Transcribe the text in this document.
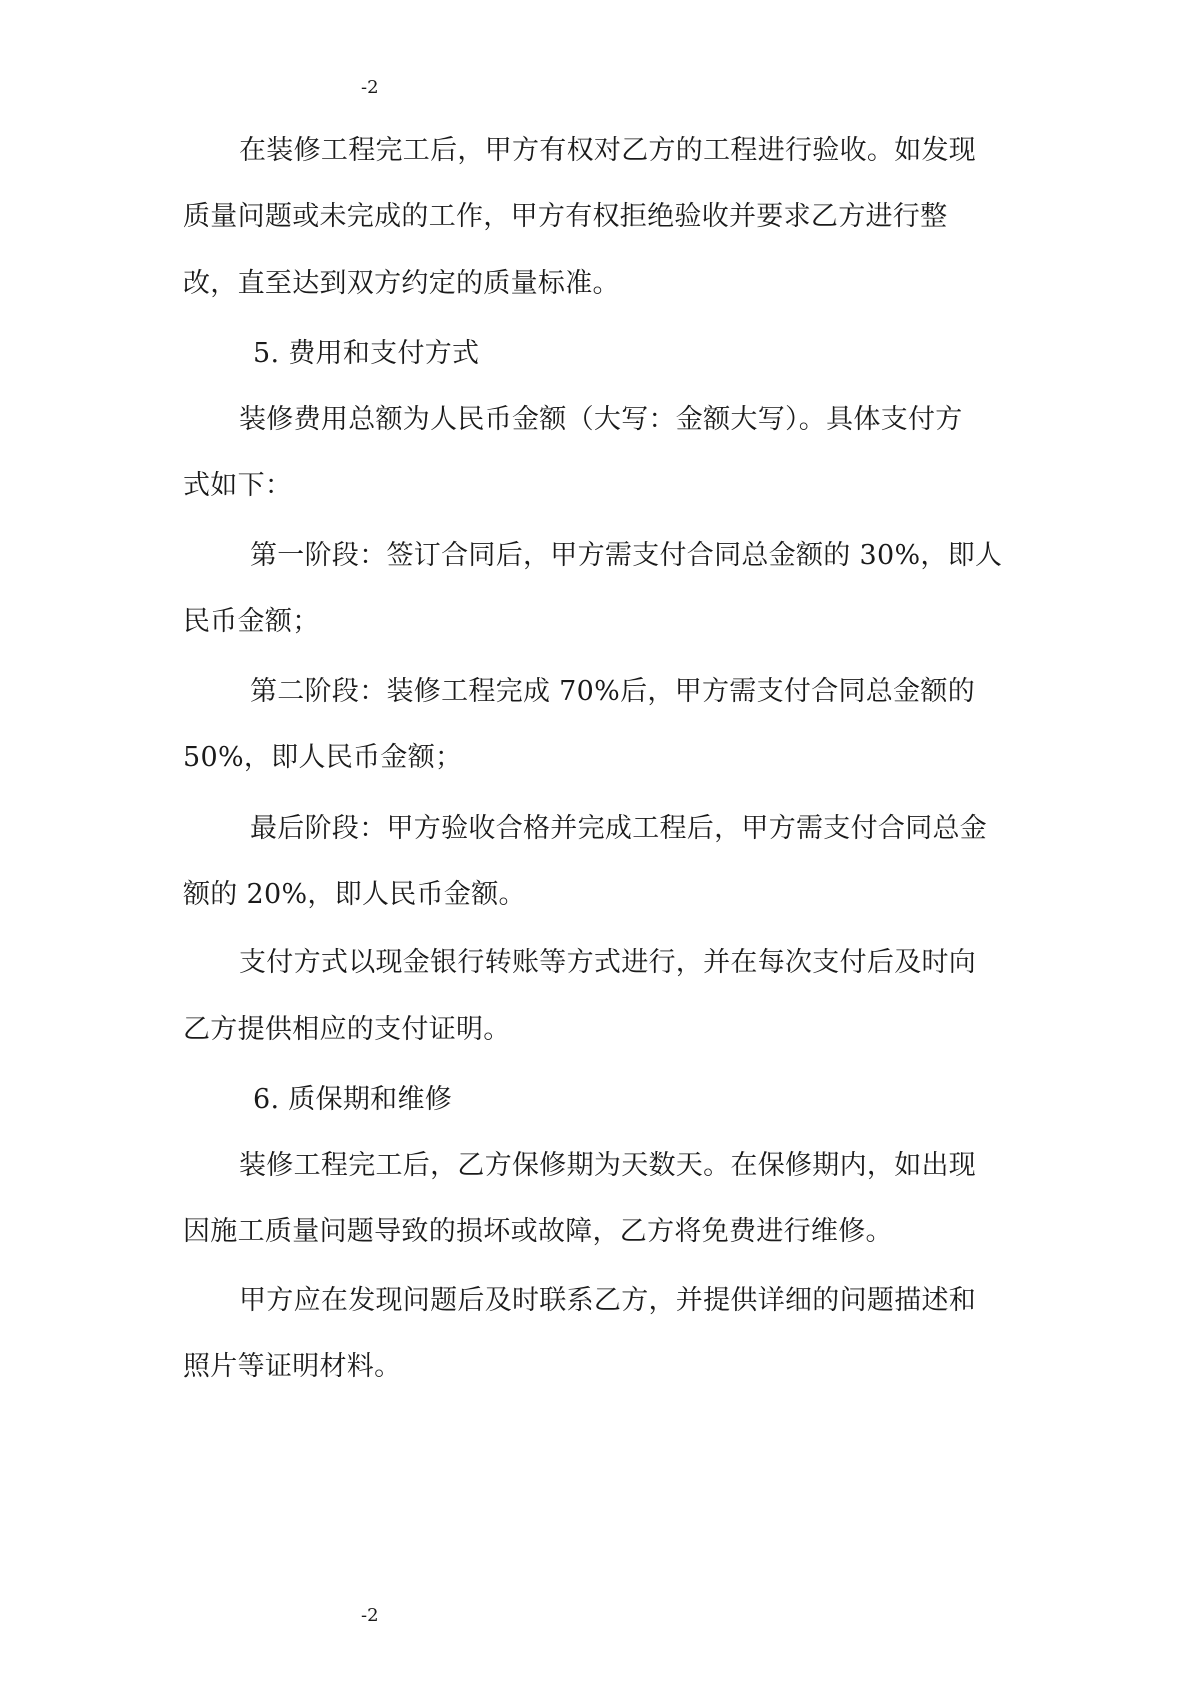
-2
在装修工程完工后，甲方有权对乙方的工程进行验收。如发现
质量问题或未完成的工作，甲方有权拒绝验收并要求乙方进行整
改，直至达到双方约定的质量标准。
5. 费用和支付方式
装修费用总额为人民币金额（大写：金额大写）。具体支付方
式如下：
第一阶段：签订合同后，甲方需支付合同总金额的 30%，即人
民币金额；
第二阶段：装修工程完成 70%后，甲方需支付合同总金额的
50%，即人民币金额；
最后阶段：甲方验收合格并完成工程后，甲方需支付合同总金
额的 20%，即人民币金额。
支付方式以现金银行转账等方式进行，并在每次支付后及时向
乙方提供相应的支付证明。
6. 质保期和维修
装修工程完工后，乙方保修期为天数天。在保修期内，如出现
因施工质量问题导致的损坏或故障，乙方将免费进行维修。
甲方应在发现问题后及时联系乙方，并提供详细的问题描述和
照片等证明材料。
-2
